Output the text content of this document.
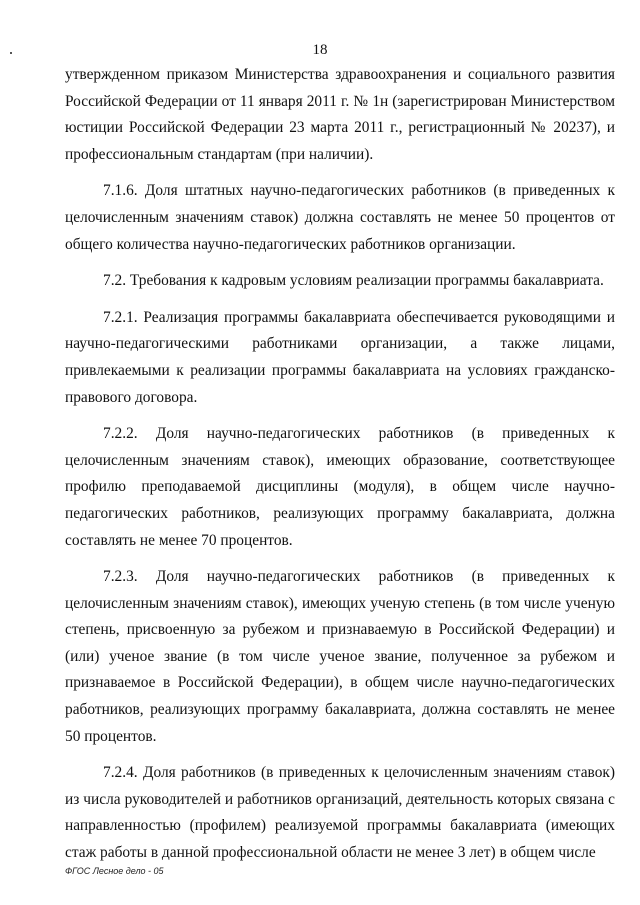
18

утвержденном приказом Министерства здравоохранения и социального развития Российской Федерации от 11 января 2011 г. № 1н (зарегистрирован Министерством юстиции Российской Федерации 23 марта 2011 г., регистрационный № 20237), и профессиональным стандартам (при наличии).

7.1.6. Доля штатных научно-педагогических работников (в приведенных к целочисленным значениям ставок) должна составлять не менее 50 процентов от общего количества научно-педагогических работников организации.

7.2. Требования к кадровым условиям реализации программы бакалавриата.

7.2.1. Реализация программы бакалавриата обеспечивается руководящими и научно-педагогическими работниками организации, а также лицами, привлекаемыми к реализации программы бакалавриата на условиях гражданско-правового договора.

7.2.2. Доля научно-педагогических работников (в приведенных к целочисленным значениям ставок), имеющих образование, соответствующее профилю преподаваемой дисциплины (модуля), в общем числе научно-педагогических работников, реализующих программу бакалавриата, должна составлять не менее 70 процентов.

7.2.3. Доля научно-педагогических работников (в приведенных к целочисленным значениям ставок), имеющих ученую степень (в том числе ученую степень, присвоенную за рубежом и признаваемую в Российской Федерации) и (или) ученое звание (в том числе ученое звание, полученное за рубежом и признаваемое в Российской Федерации), в общем числе научно-педагогических работников, реализующих программу бакалавриата, должна составлять не менее 50 процентов.

7.2.4. Доля работников (в приведенных к целочисленным значениям ставок) из числа руководителей и работников организаций, деятельность которых связана с направленностью (профилем) реализуемой программы бакалавриата (имеющих стаж работы в данной профессиональной области не менее 3 лет) в общем числе

ФГОС Лесное дело - 05
